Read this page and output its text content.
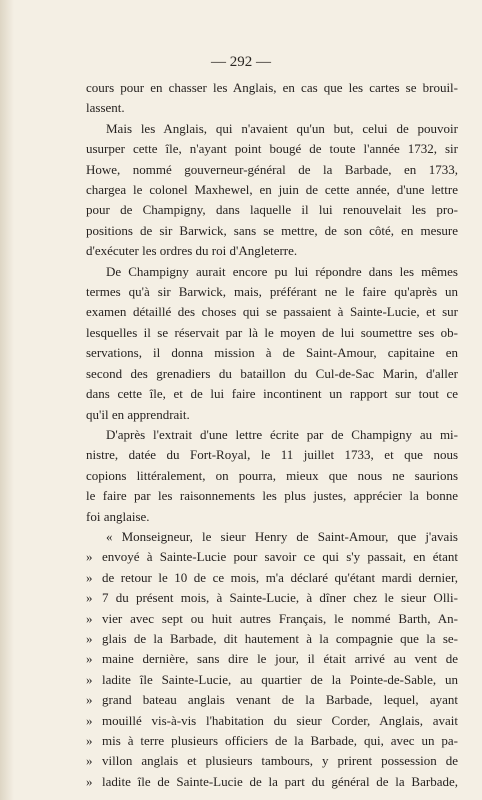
— 292 —

cours pour en chasser les Anglais, en cas que les cartes se brouil-
lassent.

Mais les Anglais, qui n'avaient qu'un but, celui de pouvoir
usurper cette île, n'ayant point bougé de toute l'année 1732, sir
Howe, nommé gouverneur-général de la Barbade, en 1733,
chargea le colonel Maxhewel, en juin de cette année, d'une lettre
pour de Champigny, dans laquelle il lui renouvelait les pro-
positions de sir Barwick, sans se mettre, de son côté, en mesure
d'exécuter les ordres du roi d'Angleterre.

De Champigny aurait encore pu lui répondre dans les mêmes
termes qu'à sir Barwick, mais, préférant ne le faire qu'après un
examen détaillé des choses qui se passaient à Sainte-Lucie, et sur
lesquelles il se réservait par là le moyen de lui soumettre ses ob-
servations, il donna mission à de Saint-Amour, capitaine en
second des grenadiers du bataillon du Cul-de-Sac Marin, d'aller
dans cette île, et de lui faire incontinent un rapport sur tout ce
qu'il en apprendrait.

D'après l'extrait d'une lettre écrite par de Champigny au mi-
nistre, datée du Fort-Royal, le 11 juillet 1733, et que nous
copions littéralement, on pourra, mieux que nous ne saurions
le faire par les raisonnements les plus justes, apprécier la bonne
foi anglaise.

« Monseigneur, le sieur Henry de Saint-Amour, que j'avais
» envoyé à Sainte-Lucie pour savoir ce qui s'y passait, en étant
» de retour le 10 de ce mois, m'a déclaré qu'étant mardi dernier,
» 7 du présent mois, à Sainte-Lucie, à dîner chez le sieur Olli-
» vier avec sept ou huit autres Français, le nommé Barth, An-
» glais de la Barbade, dit hautement à la compagnie que la se-
» maine dernière, sans dire le jour, il était arrivé au vent de
» ladite île Sainte-Lucie, au quartier de la Pointe-de-Sable, un
» grand bateau anglais venant de la Barbade, lequel, ayant
» mouillé vis-à-vis l'habitation du sieur Corder, Anglais, avait
» mis à terre plusieurs officiers de la Barbade, qui, avec un pa-
» villon anglais et plusieurs tambours, y prirent possession de
» ladite île de Sainte-Lucie de la part du général de la Barbade,
